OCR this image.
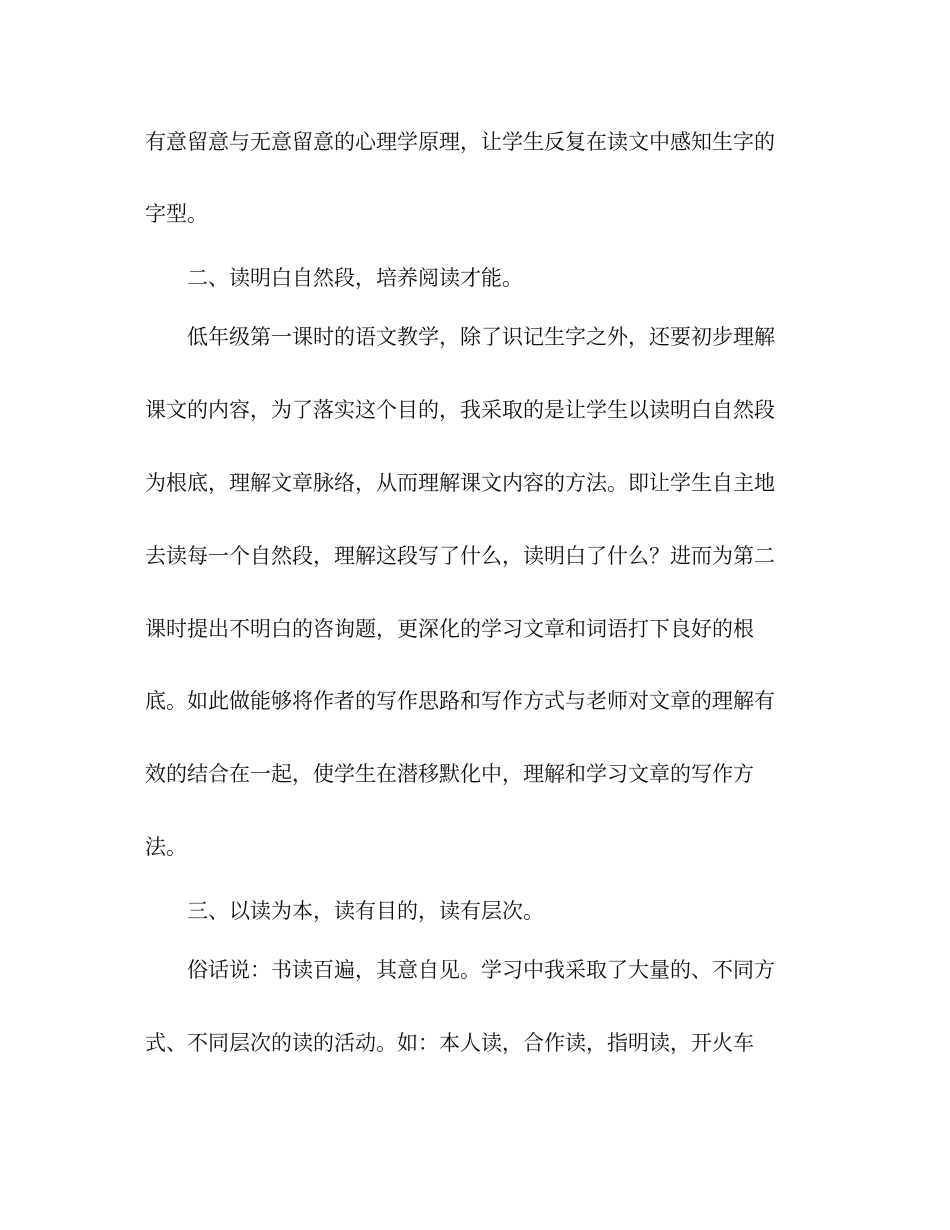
有意留意与无意留意的心理学原理，让学生反复在读文中感知生字的
字型。
二、读明白自然段，培养阅读才能。
低年级第一课时的语文教学，除了识记生字之外，还要初步理解
课文的内容，为了落实这个目的，我采取的是让学生以读明白自然段
为根底，理解文章脉络，从而理解课文内容的方法。即让学生自主地
去读每一个自然段，理解这段写了什么，读明白了什么？进而为第二
课时提出不明白的咨询题，更深化的学习文章和词语打下良好的根
底。如此做能够将作者的写作思路和写作方式与老师对文章的理解有
效的结合在一起，使学生在潜移默化中，理解和学习文章的写作方
法。
三、以读为本，读有目的，读有层次。
俗话说：书读百遍，其意自见。学习中我采取了大量的、不同方
式、不同层次的读的活动。如：本人读，合作读，指明读，开火车
